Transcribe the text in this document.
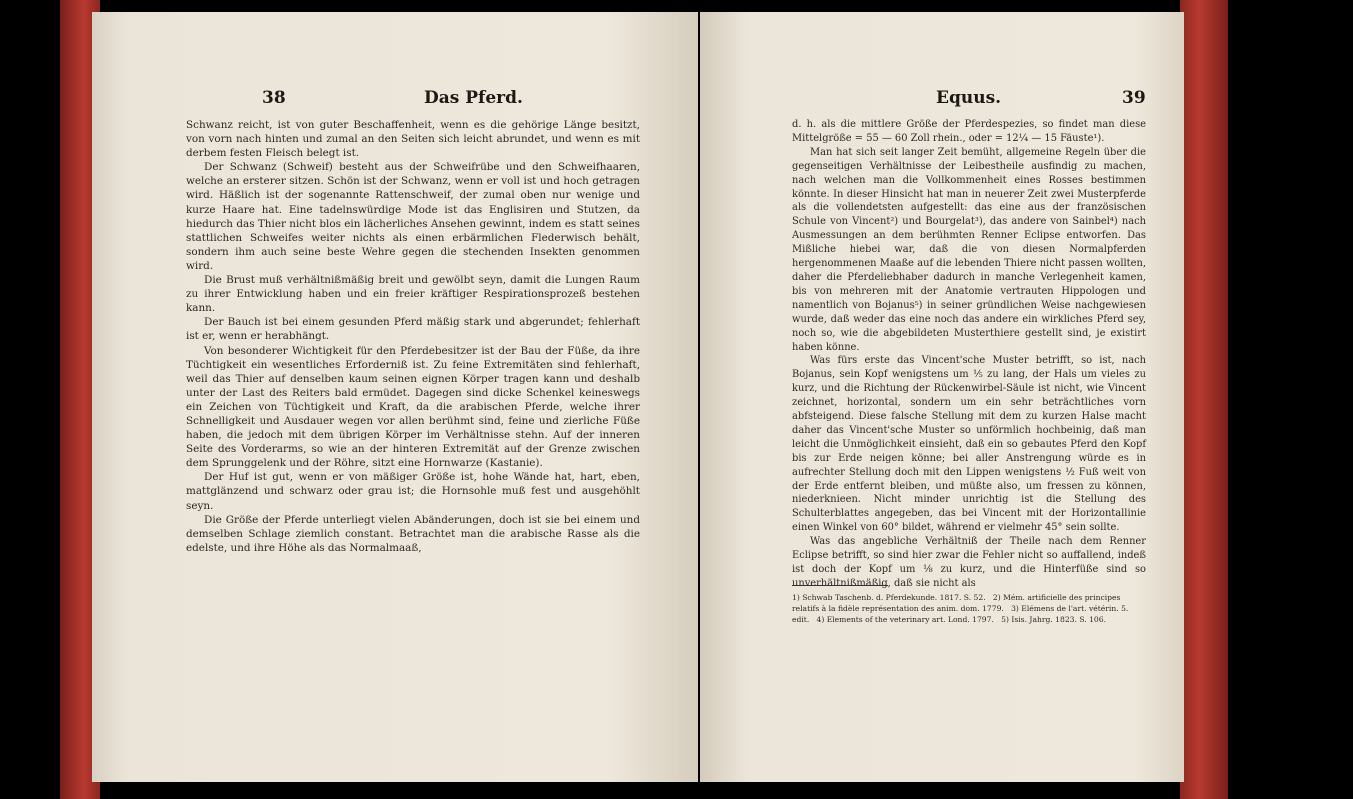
38	Das Pferd.	Equus.	39

Schwanz reicht, ist von guter Beschaffenheit, wenn es die gehörige Länge besitzt, von vorn nach hinten und zumal an den Seiten sich leicht abrundet, und wenn es mit derbem festen Fleisch belegt ist.

Der Schwanz (Schweif) besteht aus der Schweifrübe und den Schweifhaaren, welche an ersterer sitzen. Schön ist der Schwanz, wenn er voll ist und hoch getragen wird. Häßlich ist der sogenannte Rattenschweif, der zumal oben nur wenige und kurze Haare hat. Eine tadelnswürdige Mode ist das Englisiren und Stutzen, da hiedurch das Thier nicht blos ein lächerliches Ansehen gewinnt, indem es statt seines stattlichen Schweifes weiter nichts als einen erbärmlichen Flederwisch behält, sondern ihm auch seine beste Wehre gegen die stechenden Insekten genommen wird.

Die Brust muß verhältnißmäßig breit und gewölbt seyn, damit die Lungen Raum zu ihrer Entwicklung haben und ein freier kräftiger Respirationsprozeß bestehen kann.

Der Bauch ist bei einem gesunden Pferd mäßig stark und abgerundet; fehlerhaft ist er, wenn er herabhängt.

Von besonderer Wichtigkeit für den Pferdebesitzer ist der Bau der Füße, da ihre Tüchtigkeit ein wesentliches Erforderniß ist. Zu feine Extremitäten sind fehlerhaft, weil das Thier auf denselben kaum seinen eignen Körper tragen kann und deshalb unter der Last des Reiters bald ermüdet. Dagegen sind dicke Schenkel keineswegs ein Zeichen von Tüchtigkeit und Kraft, da die arabischen Pferde, welche ihrer Schnelligkeit und Ausdauer wegen vor allen berühmt sind, feine und zierliche Füße haben, die jedoch mit dem übrigen Körper im Verhältnisse stehn. Auf der inneren Seite des Vorderarms, so wie an der hinteren Extremität auf der Grenze zwischen dem Sprunggelenk und der Röhre, sitzt eine Hornwarze (Kastanie).

Der Huf ist gut, wenn er von mäßiger Größe ist, hohe Wände hat, hart, eben, mattglänzend und schwarz oder grau ist; die Hornsohle muß fest und ausgehöhlt seyn.

Die Größe der Pferde unterliegt vielen Abänderungen, doch ist sie bei einem und demselben Schlage ziemlich constant. Betrachtet man die arabische Rasse als die edelste, und ihre Höhe als das Normalmaaß,

d. h. als die mittlere Größe der Pferdespezies, so findet man diese Mittelgröße = 55 — 60 Zoll rhein., oder = 12¼ — 15 Fäuste¹).

Man hat sich seit langer Zeit bemüht, allgemeine Regeln über die gegenseitigen Verhältnisse der Leibestheile ausfindig zu machen, nach welchen man die Vollkommenheit eines Rosses bestimmen könnte. In dieser Hinsicht hat man in neuerer Zeit zwei Musterpferde als die vollendetsten aufgestellt: das eine aus der französischen Schule von Vincent²) und Bourgelat³), das andere von Sainbel⁴) nach Ausmessungen an dem berühmten Renner Eclipse entworfen. Das Mißliche hiebei war, daß die von diesen Normalpferden hergenommenen Maaße auf die lebenden Thiere nicht passen wollten, daher die Pferdeliebhaber dadurch in manche Verlegenheit kamen, bis von mehreren mit der Anatomie vertrauten Hippologen und namentlich von Bojanus⁵) in seiner gründlichen Weise nachgewiesen wurde, daß weder das eine noch das andere ein wirkliches Pferd sey, noch so, wie die abgebildeten Musterthiere gestellt sind, je existirt haben könne.

Was fürs erste das Vincent'sche Muster betrifft, so ist, nach Bojanus, sein Kopf wenigstens um ⅕ zu lang, der Hals um vieles zu kurz, und die Richtung der Rückenwirbel-Säule ist nicht, wie Vincent zeichnet, horizontal, sondern um ein sehr beträchtliches vorn abfsteigend. Diese falsche Stellung mit dem zu kurzen Halse macht daher das Vincent'sche Muster so unförmlich hochbeinig, daß man leicht die Unmöglichkeit einsieht, daß ein so gebautes Pferd den Kopf bis zur Erde neigen könne; bei aller Anstrengung würde es in aufrechter Stellung doch mit den Lippen wenigstens ½ Fuß weit von der Erde entfernt bleiben, und müßte also, um fressen zu können, niederknieen. Nicht minder unrichtig ist die Stellung des Schulterblattes angegeben, das bei Vincent mit der Horizontallinie einen Winkel von 60° bildet, während er vielmehr 45° sein sollte.

Was das angebliche Verhältniß der Theile nach dem Renner Eclipse betrifft, so sind hier zwar die Fehler nicht so auffallend, indeß ist doch der Kopf um ⅛ zu kurz, und die Hinterfüße sind so unverhältnißmäßig, daß sie nicht als

1) Schwab Taschenb. d. Pferdekunde. 1817. S. 52. 2) Mém. artificielle des principes relatifs à la fidèle représentation des anim. dom. 1779. 3) Elémens de l'art. vétérin. 5. edit. 4) Elements of the veterinary art. Lond. 1797. 5) Isis. Jahrg. 1823. S. 106.
